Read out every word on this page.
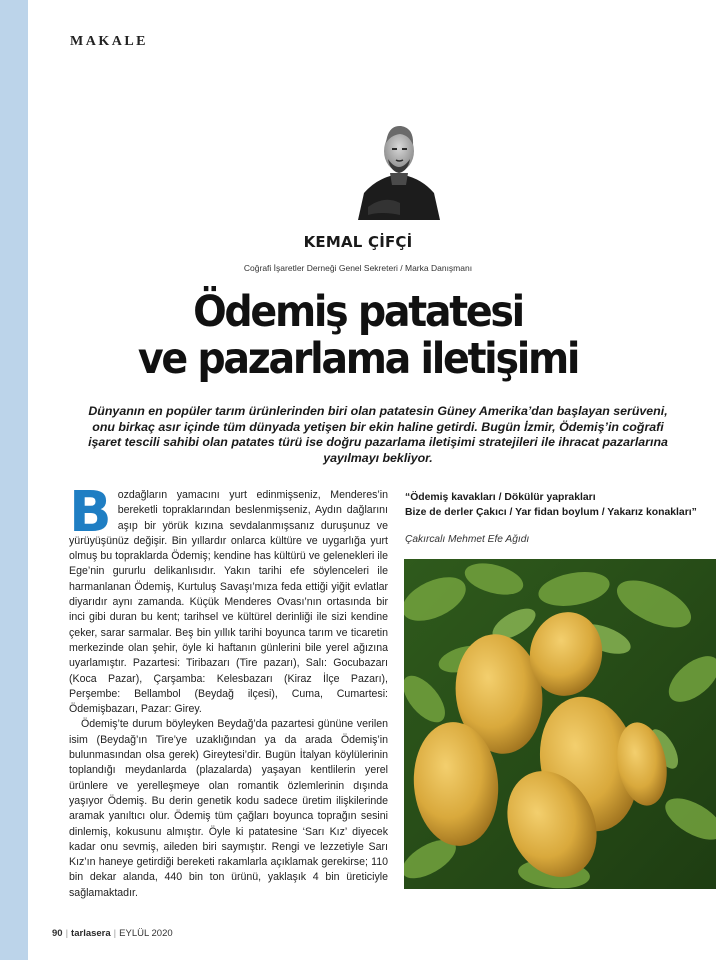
MAKALE
KEMAL ÇİFÇİ
Coğrafi İşaretler Derneği Genel Sekreteri / Marka Danışmanı
Ödemiş patatesi
ve pazarlama iletişimi
Dünyanın en popüler tarım ürünlerinden biri olan patatesin Güney Amerika’dan başlayan serüveni, onu birkaç asır içinde tüm dünyada yetişen bir ekin haline getirdi. Bugün İzmir, Ödemiş’in coğrafi işaret tescili sahibi olan patates türü ise doğru pazarlama iletişimi stratejileri ile ihracat pazarlarına yayılmayı bekliyor.
B ozdağların yamacını yurt edinmişseniz, Menderes’in bereketli topraklarından beslenmişseniz, Aydın dağlarını aşıp bir yörük kızına sevdalanmışsanız duruşunuz ve yürüyüşünüz değişir. Bin yıllardır onlarca kültüre ve uygarlığa yurt olmuş bu topraklarda Ödemiş; kendine has kültürü ve gelenekleri ile Ege’nin gururlu delikanlısıdır. Yakın tarihi efe söylenceleri ile harmanlanan Ödemiş, Kurtuluş Savaşı’mıza feda ettiği yiğit evlatlar diyarıdır aynı zamanda. Küçük Menderes Ovası’nın ortasında bir inci gibi duran bu kent; tarihsel ve kültürel derinliği ile sizi kendine çeker, sarar sarmalar. Beş bin yıllık tarihi boyunca tarım ve ticaretin merkezinde olan şehir, öyle ki haftanın günlerini bile yerel ağızına uyarlamıştır. Pazartesi: Tiribazarı (Tire pazarı), Salı: Gocubazarı (Koca Pazar), Çarşamba: Kelesbazarı (Kiraz İlçe Pazarı), Perşembe: Bellambol (Beydağ ilçesi), Cuma, Cumartesi: Ödemişbazarı, Pazar: Girey.

Ödemiş’te durum böyleyken Beydağ’da pazartesi gününe verilen isim (Beydağ’ın Tire’ye uzaklığından ya da arada Ödemiş’in bulunmasından olsa gerek) Gireytesi’dir. Bugün İtalyan köylülerinin toplandığı meydanlarda (plazalarda) yaşayan kentlilerin yerel ürünlere ve yerelleşmeye olan romantik özlemlerinin dışında yaşıyor Ödemiş. Bu derin genetik kodu sadece üretim ilişkilerinde aramak yanıltıcı olur. Ödemiş tüm çağları boyunca toprağın sesini dinlemiş, kokusunu almıştır. Öyle ki patatesine ‘Sarı Kız’ diyecek kadar onu sevmiş, aileden biri saymıştır. Rengi ve lezzetiyle Sarı Kız’ın haneye getirdiği bereketi rakamlarla açıklamak gerekirse; 110 bin dekar alanda, 440 bin ton ürünü, yaklaşık 4 bin üreticiyle sağlamaktadır.

“Ödemiş kavakları / Dökülür yaprakları
Bize de derler Çakıcı / Yar fidan boylum / Yakarız konakları”
Çakırcalı Mehmet Efe Ağıdı
90 | tarlasera | EYLÜL 2020
